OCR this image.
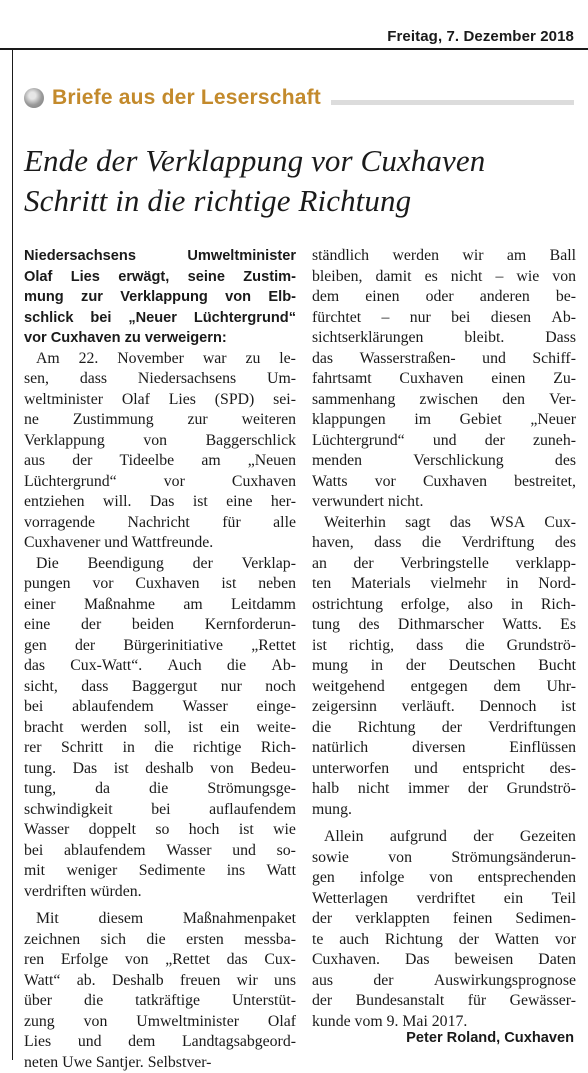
Freitag, 7. Dezember 2018
Briefe aus der Leserschaft
Ende der Verklappung vor Cuxhaven
Schritt in die richtige Richtung
Niedersachsens	Umweltminister
Olaf Lies erwägt, seine Zustim-
mung zur Verklappung von Elb-
schlick bei „Neuer Lüchtergrund“
vor Cuxhaven zu verweigern:
Am 22. November war zu le-
sen, dass Niedersachsens Um-
weltminister Olaf Lies (SPD) sei-
ne Zustimmung zur weiteren
Verklappung von Baggerschlick
aus der Tideelbe am „Neuen
Lüchtergrund“	vor	Cuxhaven
entziehen will. Das ist eine her-
vorragende Nachricht für alle
Cuxhavener und Wattfreunde.
Die Beendigung der Verklap-
pungen vor Cuxhaven ist neben
einer Maßnahme am Leitdamm
eine der beiden Kernforderun-
gen der Bürgerinitiative „Rettet
das Cux-Watt“. Auch die Ab-
sicht, dass Baggergut nur noch
bei ablaufendem Wasser einge-
bracht werden soll, ist ein weite-
rer Schritt in die richtige Rich-
tung. Das ist deshalb von Bedeu-
tung, da die Strömungsge-
schwindigkeit bei auflaufendem
Wasser doppelt so hoch ist wie
bei ablaufendem Wasser und so-
mit weniger Sedimente ins Watt
verdriften würden.
Mit	diesem	Maßnahmenpaket
zeichnen sich die ersten messba-
ren Erfolge von „Rettet das Cux-
Watt“ ab. Deshalb freuen wir uns
über die tatkräftige Unterstüt-
zung von Umweltminister Olaf
Lies und dem Landtagsabgeord-
neten Uwe Santjer. Selbstver-
ständlich werden wir am Ball
bleiben, damit es nicht – wie von
dem einen oder anderen be-
fürchtet – nur bei diesen Ab-
sichtserklärungen	bleibt.	Dass
das Wasserstraßen- und Schiff-
fahrtsamt Cuxhaven einen Zu-
sammenhang zwischen den Ver-
klappungen im Gebiet „Neuer
Lüchtergrund“ und der zuneh-
menden	Verschlickung	des
Watts vor Cuxhaven bestreitet,
verwundert nicht.
Weiterhin sagt das WSA Cux-
haven, dass die Verdriftung des
an der Verbringstelle verklapp-
ten Materials vielmehr in Nord-
ostrichtung erfolge, also in Rich-
tung des Dithmarscher Watts. Es
ist richtig, dass die Grundströ-
mung in der Deutschen Bucht
weitgehend entgegen dem Uhr-
zeigersinn verläuft. Dennoch ist
die Richtung der Verdriftungen
natürlich	diversen	Einflüssen
unterworfen und entspricht des-
halb nicht immer der Grundströ-
mung.
Allein aufgrund der Gezeiten
sowie von Strömungsänderun-
gen infolge von entsprechenden
Wetterlagen verdriftet ein Teil
der verklappten feinen Sedimen-
te auch Richtung der Watten vor
Cuxhaven. Das beweisen Daten
aus	der	Auswirkungsprognose
der Bundesanstalt für Gewässer-
kunde vom 9. Mai 2017.
Peter Roland, Cuxhaven
